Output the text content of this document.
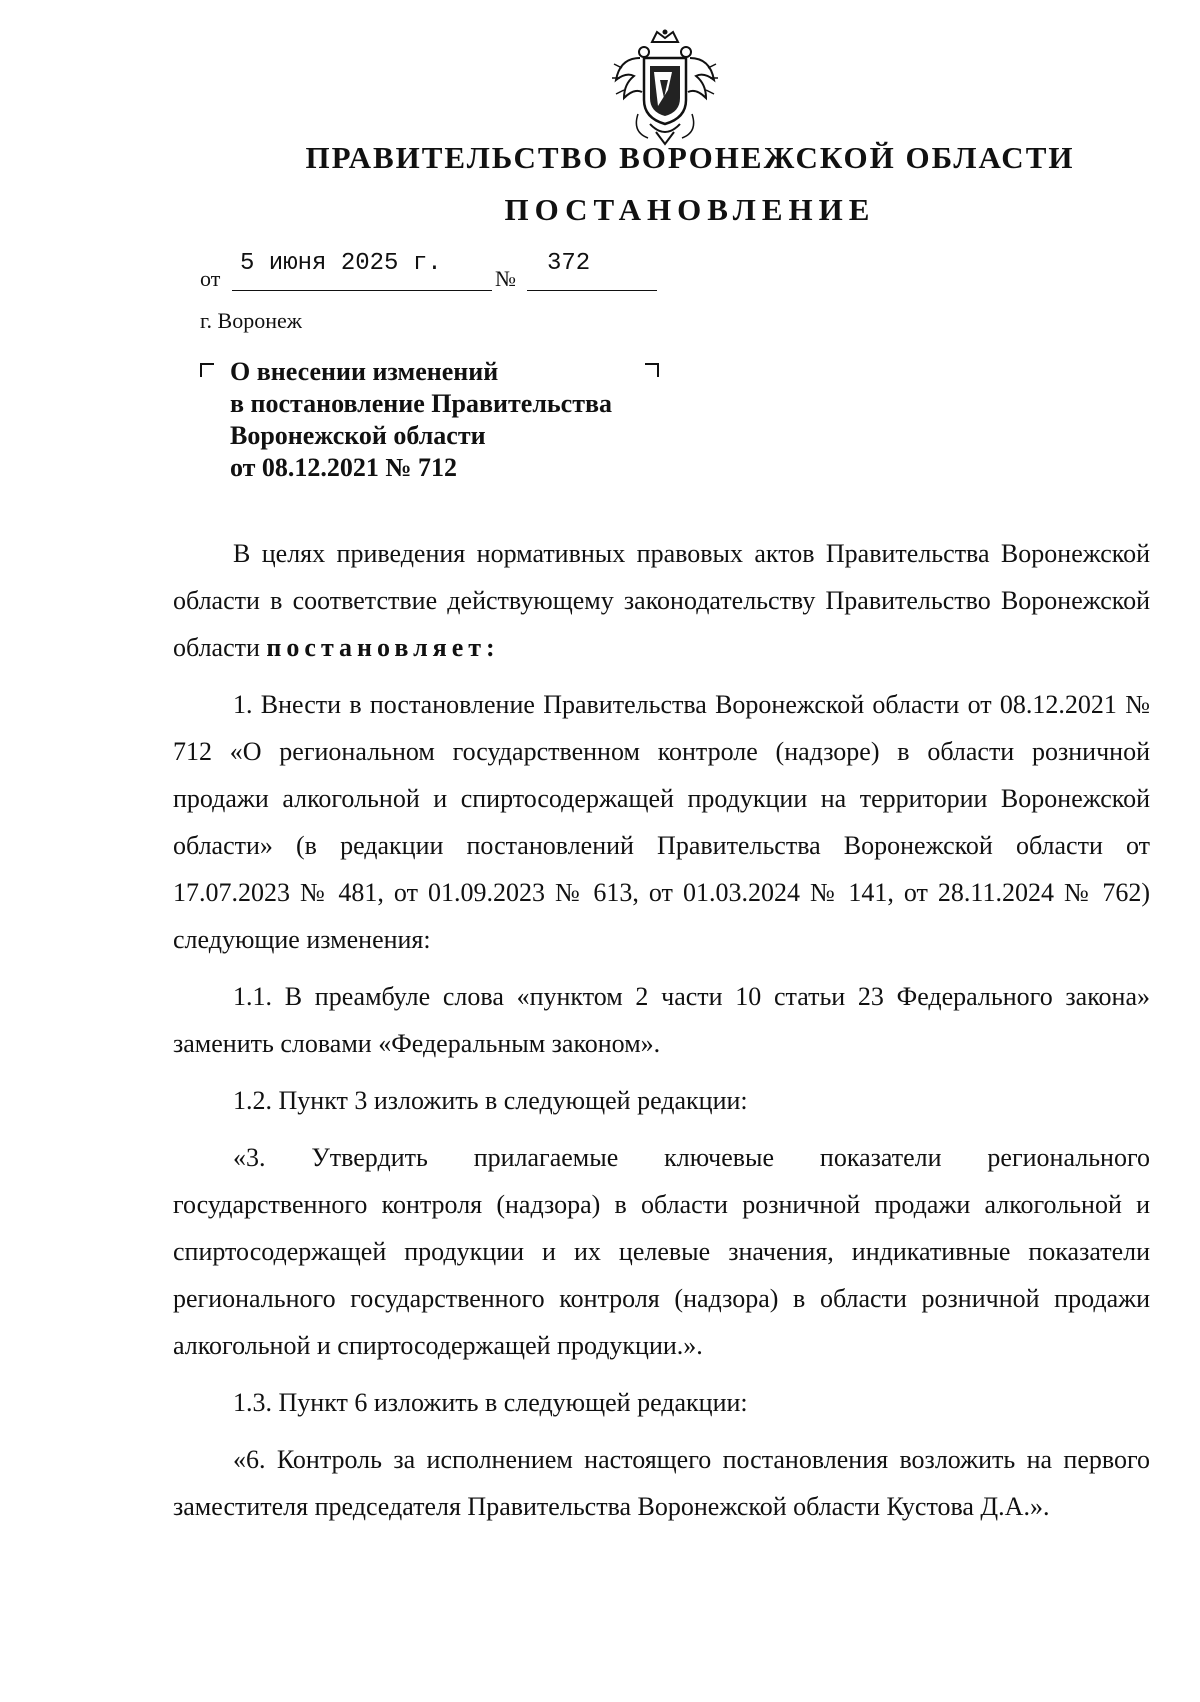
ПРАВИТЕЛЬСТВО ВОРОНЕЖСКОЙ ОБЛАСТИ
ПОСТАНОВЛЕНИЕ
от
5 июня 2025 г.
№
372
г. Воронеж
О внесении изменений
в постановление Правительства
Воронежской области
от 08.12.2021 № 712

В целях приведения нормативных правовых актов Правительства Воронежской области в соответствие действующему законодательству Правительство Воронежской области постановляет:

1. Внести в постановление Правительства Воронежской области от 08.12.2021 № 712 «О региональном государственном контроле (надзоре) в области розничной продажи алкогольной и спиртосодержащей продукции на территории Воронежской области» (в редакции постановлений Правительства Воронежской области от 17.07.2023 № 481, от 01.09.2023 № 613, от 01.03.2024 № 141, от 28.11.2024 № 762) следующие изменения:

1.1. В преамбуле слова «пунктом 2 части 10 статьи 23 Федерального закона» заменить словами «Федеральным законом».

1.2. Пункт 3 изложить в следующей редакции:

«3. Утвердить прилагаемые ключевые показатели регионального государственного контроля (надзора) в области розничной продажи алкогольной и спиртосодержащей продукции и их целевые значения, индикативные показатели регионального государственного контроля (надзора) в области розничной продажи алкогольной и спиртосодержащей продукции.».

1.3. Пункт 6 изложить в следующей редакции:

«6. Контроль за исполнением настоящего постановления возложить на первого заместителя председателя Правительства Воронежской области Кустова Д.А.».
